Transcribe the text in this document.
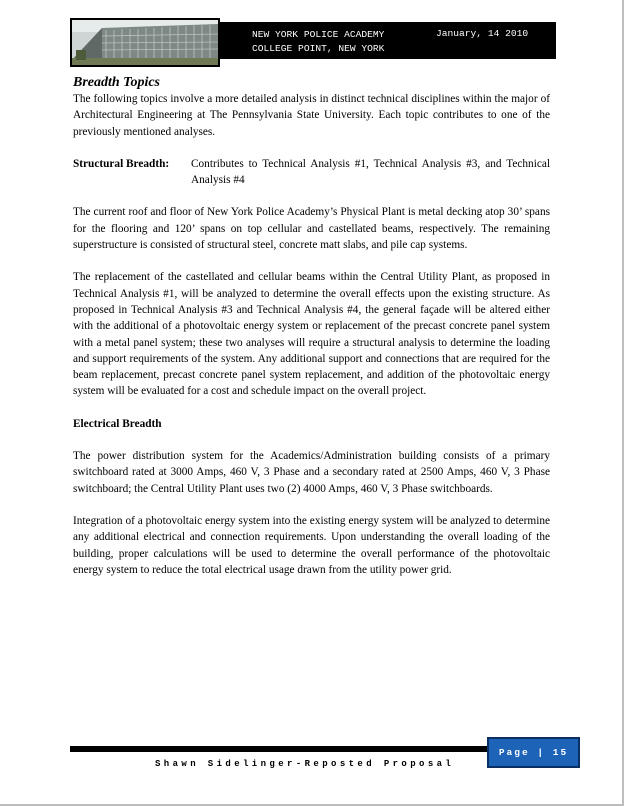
NEW YORK POLICE ACADEMY
COLLEGE POINT, NEW YORK
January, 14 2010
Breadth Topics

The following topics involve a more detailed analysis in distinct technical disciplines within the major of Architectural Engineering at The Pennsylvania State University. Each topic contributes to one of the previously mentioned analyses.

Structural Breadth:	Contributes to Technical Analysis #1, Technical Analysis #3, and Technical Analysis #4

The current roof and floor of New York Police Academy’s Physical Plant is metal decking atop 30’ spans for the flooring and 120’ spans on top cellular and castellated beams, respectively. The remaining superstructure is consisted of structural steel, concrete matt slabs, and pile cap systems.

The replacement of the castellated and cellular beams within the Central Utility Plant, as proposed in Technical Analysis #1, will be analyzed to determine the overall effects upon the existing structure. As proposed in Technical Analysis #3 and Technical Analysis #4, the general façade will be altered either with the additional of a photovoltaic energy system or replacement of the precast concrete panel system with a metal panel system; these two analyses will require a structural analysis to determine the loading and support requirements of the system. Any additional support and connections that are required for the beam replacement, precast concrete panel system replacement, and addition of the photovoltaic energy system will be evaluated for a cost and schedule impact on the overall project.

Electrical Breadth

The power distribution system for the Academics/Administration building consists of a primary switchboard rated at 3000 Amps, 460 V, 3 Phase and a secondary rated at 2500 Amps, 460 V, 3 Phase switchboard; the Central Utility Plant uses two (2) 4000 Amps, 460 V, 3 Phase switchboards.

Integration of a photovoltaic energy system into the existing energy system will be analyzed to determine any additional electrical and connection requirements. Upon understanding the overall loading of the building, proper calculations will be used to determine the overall performance of the photovoltaic energy system to reduce the total electrical usage drawn from the utility power grid.

Shawn Sidelinger-Reposted Proposal
Page | 15
